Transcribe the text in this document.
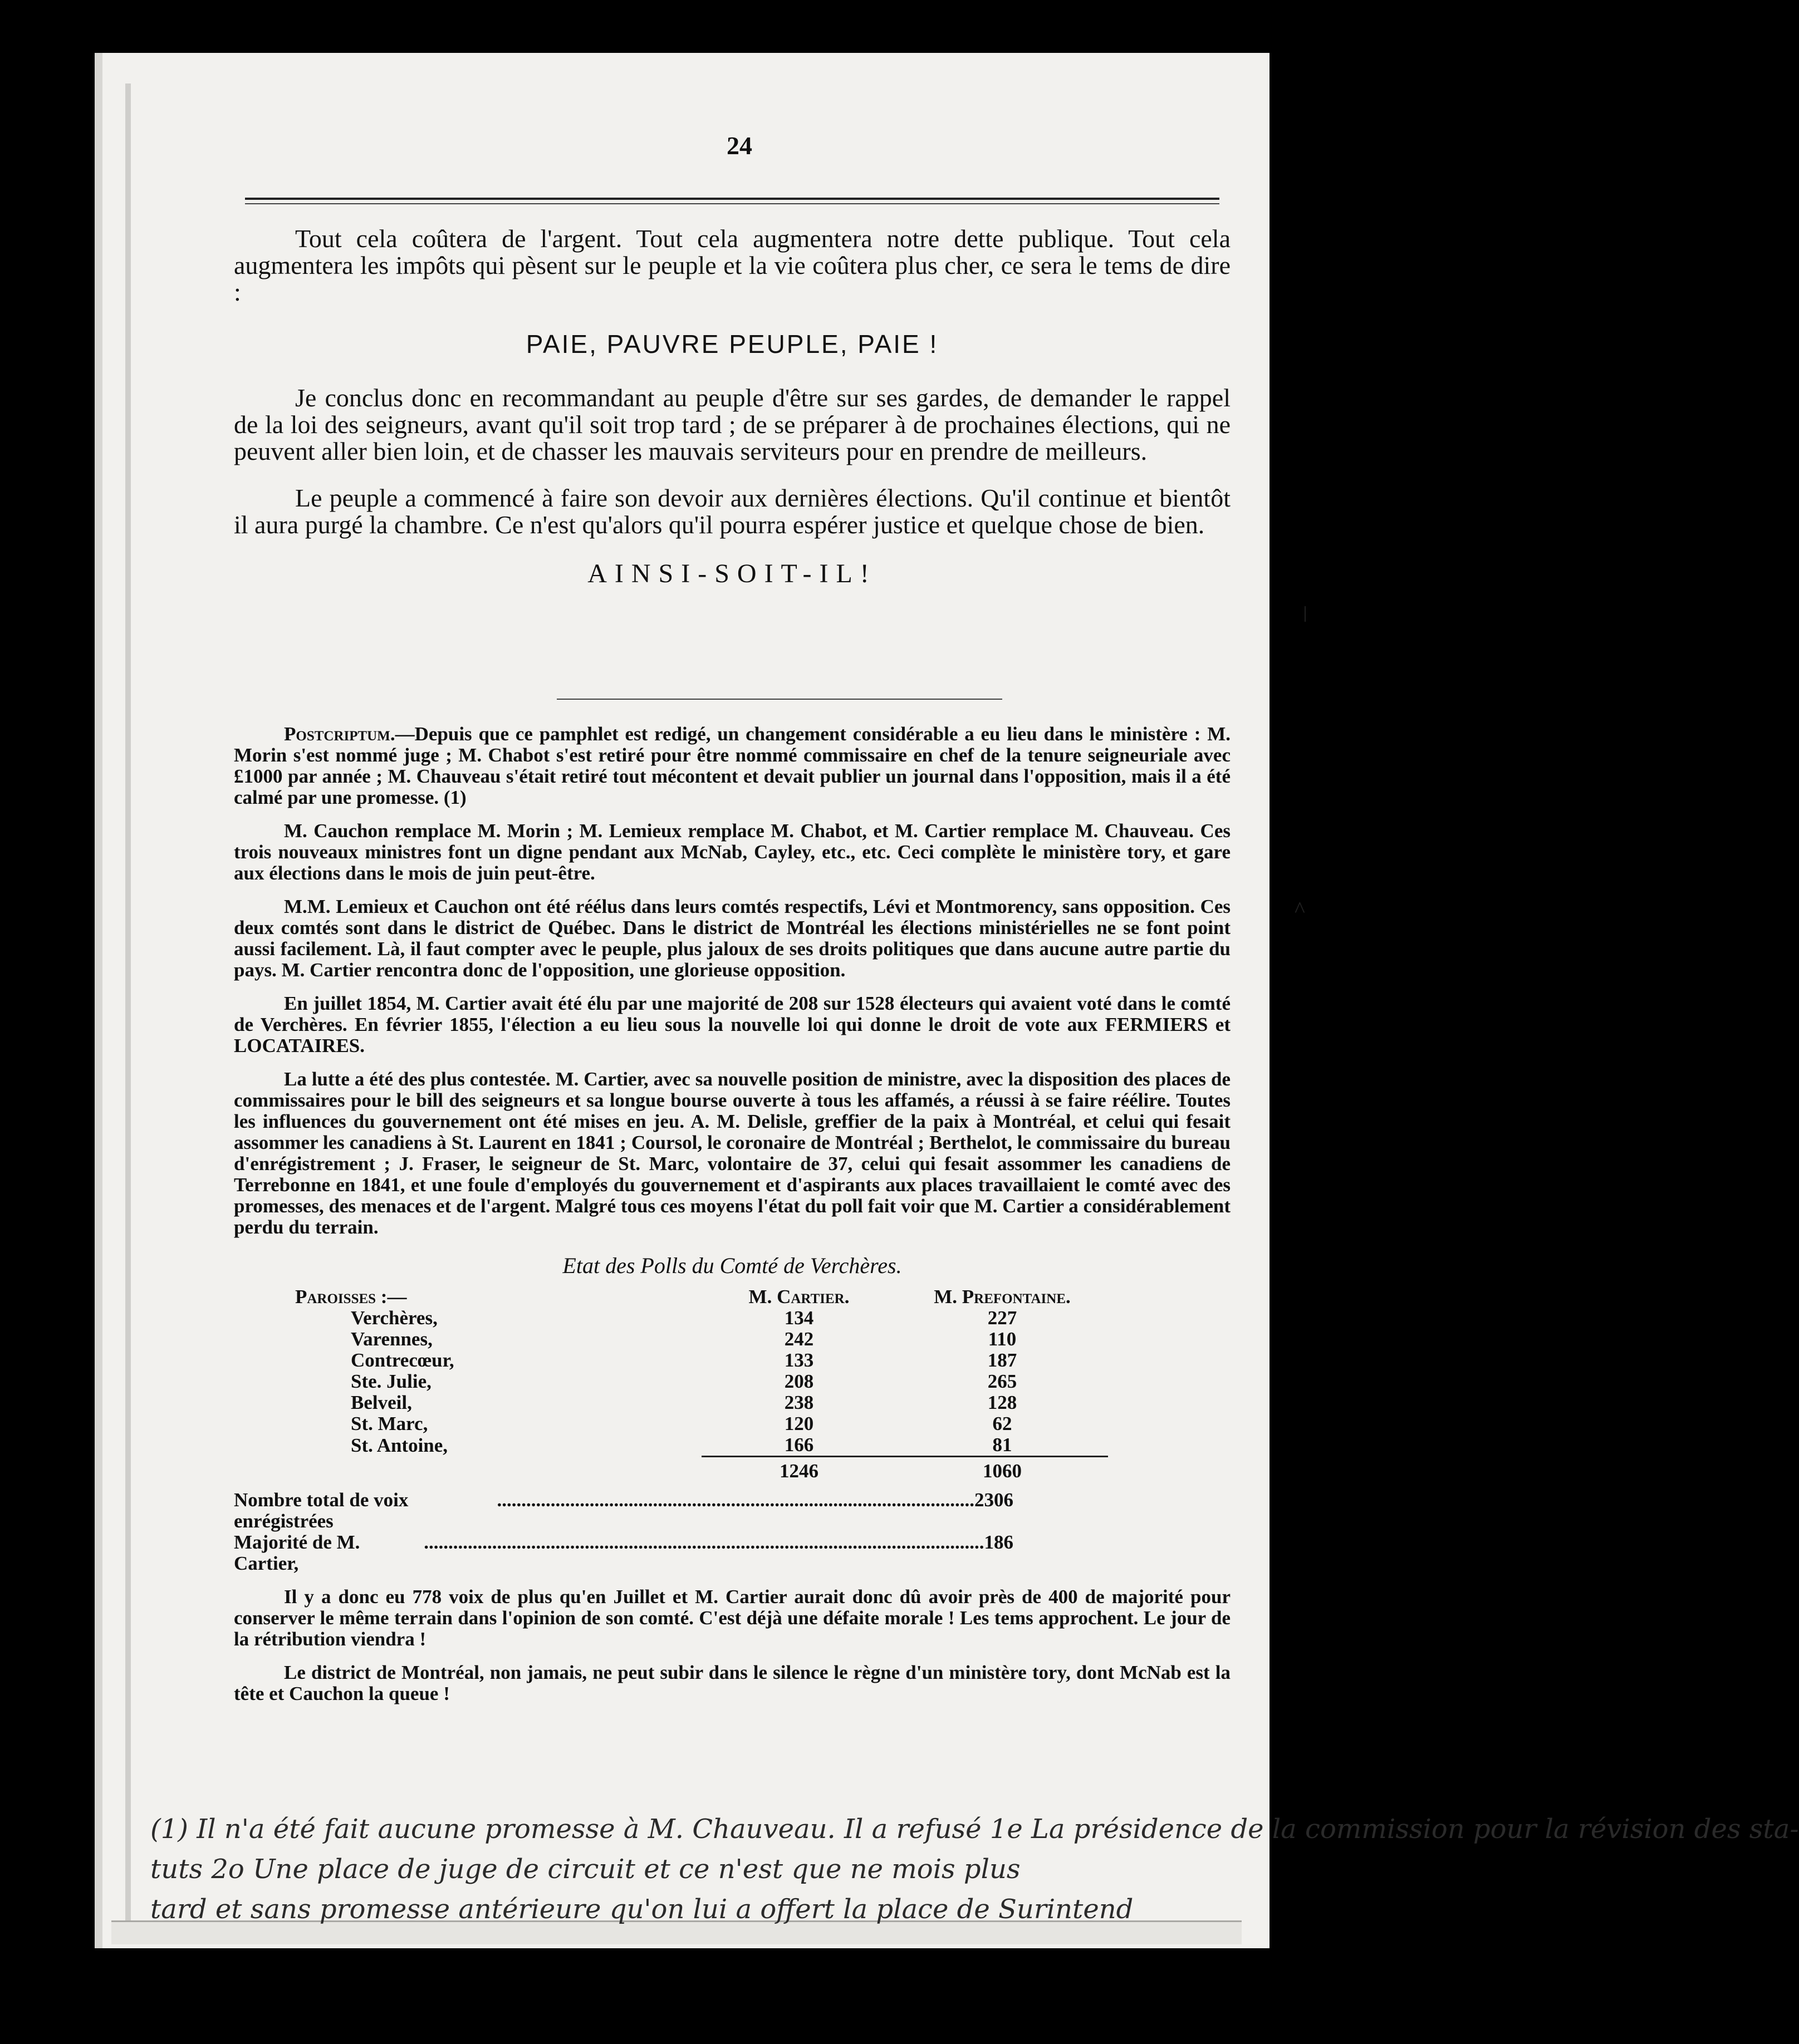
24

Tout cela coûtera de l'argent. Tout cela augmentera notre dette publique. Tout cela augmentera les impôts qui pèsent sur le peuple et la vie coûtera plus cher, ce sera le tems de dire :

PAIE, PAUVRE PEUPLE, PAIE !

Je conclus donc en recommandant au peuple d'être sur ses gardes, de demander le rappel de la loi des seigneurs, avant qu'il soit trop tard ; de se préparer à de prochaines élections, qui ne peuvent aller bien loin, et de chasser les mauvais serviteurs pour en prendre de meilleurs.

Le peuple a commencé à faire son devoir aux dernières élections. Qu'il continue et bientôt il aura purgé la chambre. Ce n'est qu'alors qu'il pourra espérer justice et quelque chose de bien.

AINSI-SOIT-IL!

Postcriptum.—Depuis que ce pamphlet est redigé, un changement considérable a eu lieu dans le ministère : M. Morin s'est nommé juge ; M. Chabot s'est retiré pour être nommé commissaire en chef de la tenure seigneuriale avec £1000 par année ; M. Chauveau s'était retiré tout mécontent et devait publier un journal dans l'opposition, mais il a été calmé par une promesse. (1)

M. Cauchon remplace M. Morin ; M. Lemieux remplace M. Chabot, et M. Cartier remplace M. Chauveau. Ces trois nouveaux ministres font un digne pendant aux McNab, Cayley, etc., etc. Ceci complète le ministère tory, et gare aux élections dans le mois de juin peut-être.

M.M. Lemieux et Cauchon ont été réélus dans leurs comtés respectifs, Lévi et Montmorency, sans opposition. Ces deux comtés sont dans le district de Québec. Dans le district de Montréal les élections ministérielles ne se font point aussi facilement. Là, il faut compter avec le peuple, plus jaloux de ses droits politiques que dans aucune autre partie du pays. M. Cartier rencontra donc de l'opposition, une glorieuse opposition.

En juillet 1854, M. Cartier avait été élu par une majorité de 208 sur 1528 électeurs qui avaient voté dans le comté de Verchères. En février 1855, l'élection a eu lieu sous la nouvelle loi qui donne le droit de vote aux FERMIERS et LOCATAIRES.

La lutte a été des plus contestée. M. Cartier, avec sa nouvelle position de ministre, avec la disposition des places de commissaires pour le bill des seigneurs et sa longue bourse ouverte à tous les affamés, a réussi à se faire réélire. Toutes les influences du gouvernement ont été mises en jeu. A. M. Delisle, greffier de la paix à Montréal, et celui qui fesait assommer les canadiens à St. Laurent en 1841 ; Coursol, le coronaire de Montréal ; Berthelot, le commissaire du bureau d'enrégistrement ; J. Fraser, le seigneur de St. Marc, volontaire de 37, celui qui fesait assommer les canadiens de Terrebonne en 1841, et une foule d'employés du gouvernement et d'aspirants aux places travaillaient le comté avec des promesses, des menaces et de l'argent. Malgré tous ces moyens l'état du poll fait voir que M. Cartier a considérablement perdu du terrain.

Etat des Polls du Comté de Verchères.

Paroisses :—	M. Cartier.	M. Prefontaine.
Verchères,	134	227
Varennes,	242	110
Contrecœur,	133	187
Ste. Julie,	208	265
Belveil,	238	128
St. Marc,	120	62
St. Antoine,	166	81
	1246	1060
Nombre total de voix enrégistrées
.................................................................................................. 2306
Majorité de M. Cartier,
................................................................................................................... 186

Il y a donc eu 778 voix de plus qu'en Juillet et M. Cartier aurait donc dû avoir près de 400 de majorité pour conserver le même terrain dans l'opinion de son comté. C'est déjà une défaite morale ! Les tems approchent. Le jour de la rétribution viendra !

Le district de Montréal, non jamais, ne peut subir dans le silence le règne d'un ministère tory, dont McNab est la tête et Cauchon la queue !

(1) Il n'a été fait aucune promesse à M. Chauveau. Il a refusé 1e La présidence de la commission pour la révision des sta-
tuts 2o Une place de juge de circuit et ce n'est que ne mois plus
tard et sans promesse antérieure qu'on lui a offert la place de Surintend
ǀ
^
